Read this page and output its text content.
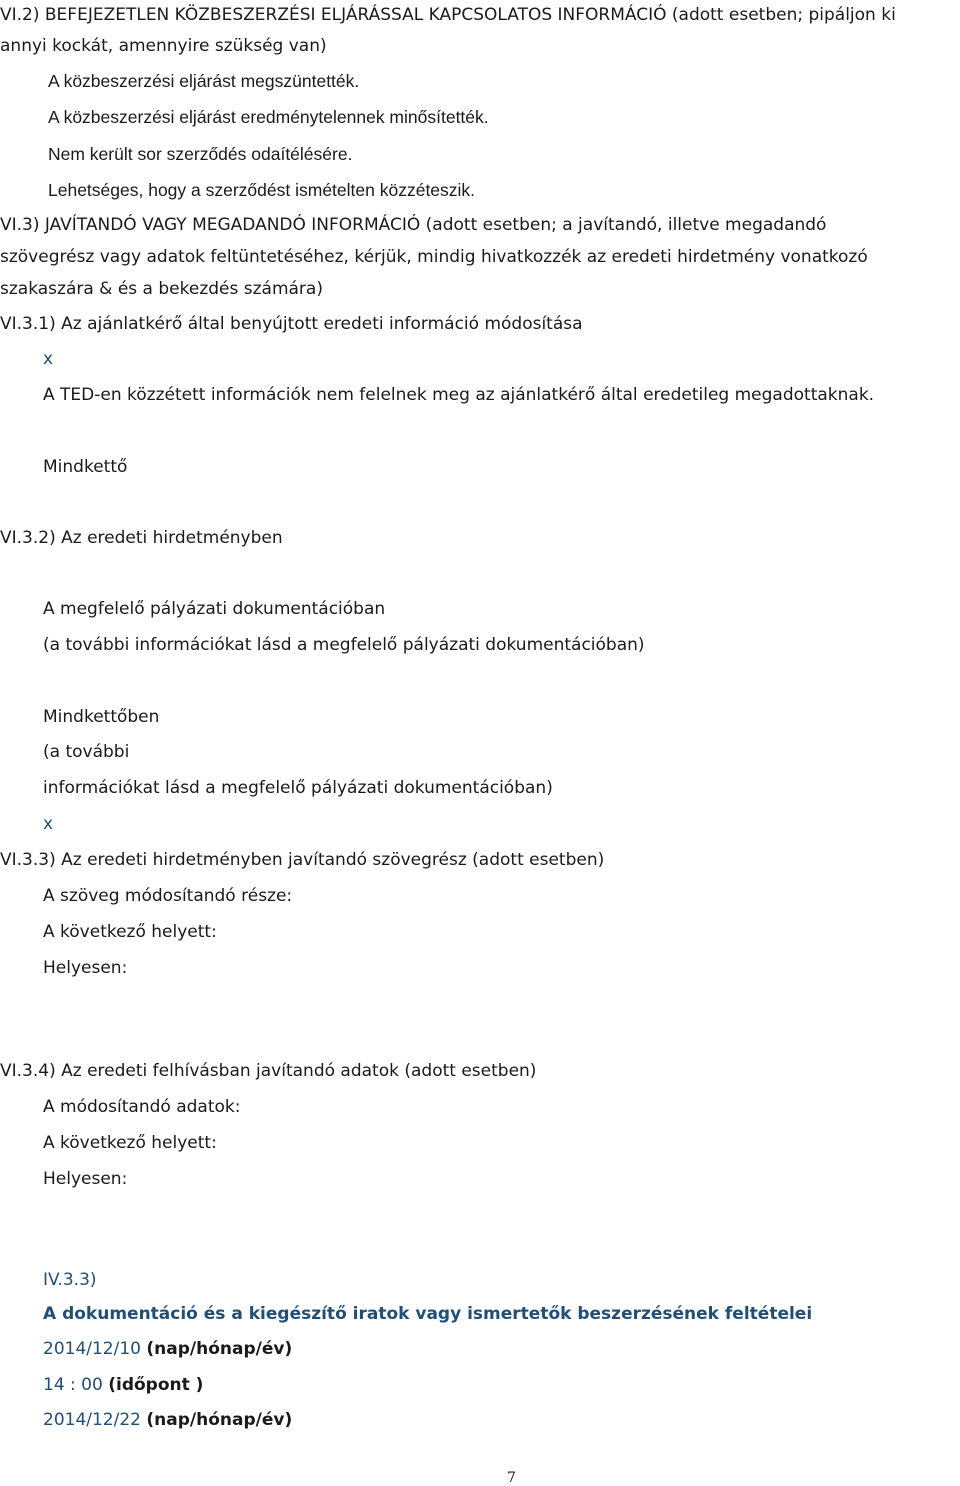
VI.2) BEFEJEZETLEN KÖZBESZERZÉSI ELJÁRÁSSAL KAPCSOLATOS INFORMÁCIÓ (adott esetben; pipáljon ki
annyi kockát, amennyire szükség van)
A közbeszerzési eljárást megszüntették.
A közbeszerzési eljárást eredménytelennek minősítették.
Nem került sor szerződés odaítélésére.
Lehetséges, hogy a szerződést ismételten közzéteszik.
VI.3) JAVÍTANDÓ VAGY MEGADANDÓ INFORMÁCIÓ (adott esetben; a javítandó, illetve megadandó
szövegrész vagy adatok feltüntetéséhez, kérjük, mindig hivatkozzék az eredeti hirdetmény vonatkozó
szakaszára & és a bekezdés számára)
VI.3.1) Az ajánlatkérő által benyújtott eredeti információ módosítása
x
A TED-en közzétett információk nem felelnek meg az ajánlatkérő által eredetileg megadottaknak.
Mindkettő
VI.3.2) Az eredeti hirdetményben
A megfelelő pályázati dokumentációban
(a további információkat lásd a megfelelő pályázati dokumentációban)
Mindkettőben
(a további
információkat lásd a megfelelő pályázati dokumentációban)
x
VI.3.3) Az eredeti hirdetményben javítandó szövegrész (adott esetben)
A szöveg módosítandó része:
A következő helyett:
Helyesen:
VI.3.4) Az eredeti felhívásban javítandó adatok (adott esetben)
A módosítandó adatok:
A következő helyett:
Helyesen:
IV.3.3)
A dokumentáció és a kiegészítő iratok vagy ismertetők beszerzésének feltételei
2014/12/10 (nap/hónap/év)
14 : 00 (időpont )
2014/12/22 (nap/hónap/év)
7
